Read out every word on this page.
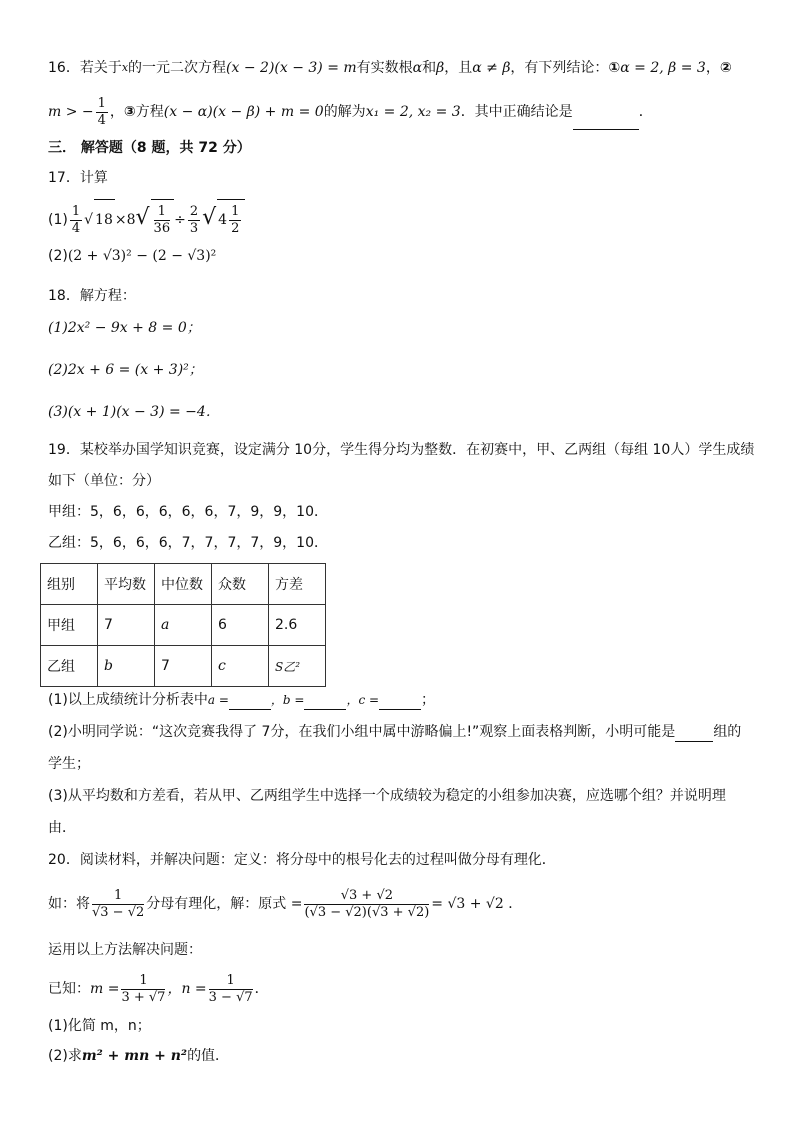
16．若关于$^x$的一元二次方程(x − 2)(x − 3) = m有实数根α和β，且α ≠ β，有下列结论：①α = 2, β = 3，②
m > − $\frac{1}{4}$ ，③方程(x − α)(x − β) + m = 0的解为x₁ = 2, x₂ = 3．其中正确结论是	．
三． 解答题（8 题，共 72 分）
17．计算
$(1) \frac{1}{4}$ √ $18 \times 8√ \frac{1}{36} \div \frac{2}{3}$ √ $4 \frac{1}{2}$
(2)(2 + √3)² − (2 − √3)²
18．解方程：
(1)2x² − 9x + 8 = 0；
(2)2x + 6 = (x + 3)²；
(3)(x + 1)(x − 3) = −4．
19．某校举办国学知识竞赛，设定满分 10分，学生得分均为整数．在初赛中，甲、乙两组（每组 10人）学生成绩
如下（单位：分）
甲组：5，6，6，6，6，6，7，9，9，10．
乙组：5，6，6，6，7，7，7，7，9，10．
组别	平均数	中位数	众数	方差
甲组	7	a	6	2.6
乙组	b	7	c	S乙²
(1)以上成绩统计分析表中a =	，b =	，c =	；
(2)小明同学说：“这次竞赛我得了 7分，在我们小组中属中游略偏上!”观察上面表格判断，小明可能是	组的
学生；
(3)从平均数和方差看，若从甲、乙两组学生中选择一个成绩较为稳定的小组参加决赛，应选哪个组？并说明理
由．
20．阅读材料，并解决问题：定义：将分母中的根号化去的过程叫做分母有理化．
如：将 $\frac{1}{√3 - √2}$ 分母有理化，解：原式 = $\frac{√3 + √2}{(√3 - √2)(√3 + √2)} = √3 + √2$ ．
运用以上方法解决问题：
已知：$m = \frac{1}{3 + √7}$ ，$n = \frac{1}{3 - √7}$ ．
(1)化简 m，n；
(2)求m² + mn + n²的值．
